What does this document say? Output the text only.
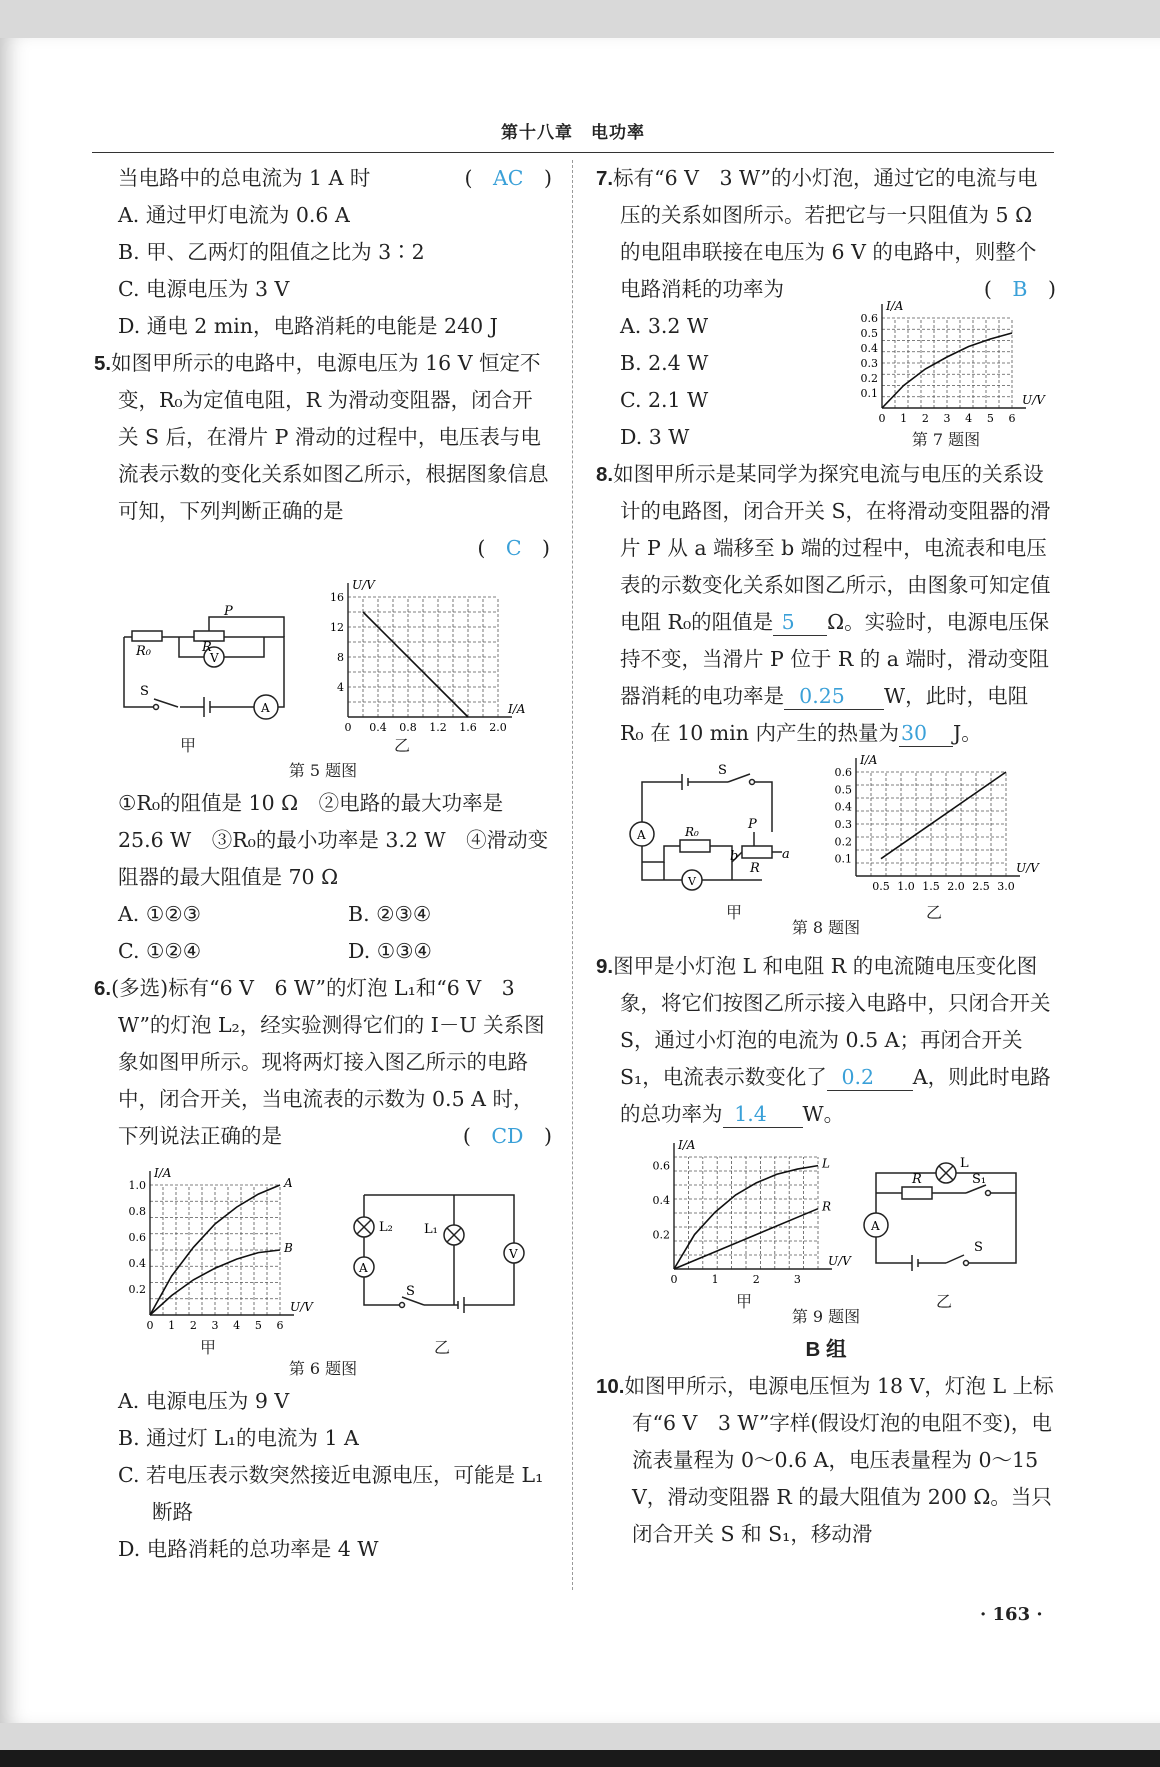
第十八章　电功率
当电路中的总电流为 1 A 时	(　AC　)
A. 通过甲灯电流为 0.6 A
B. 甲、乙两灯的阻值之比为 3∶2
C. 电源电压为 3 V
D. 通电 2 min，电路消耗的电能是 240 J
5.如图甲所示的电路中，电源电压为 16 V 恒定不变，R₀为定值电阻，R 为滑动变阻器，闭合开关 S 后，在滑片 P 滑动的过程中，电压表与电流表示数的变化关系如图乙所示，根据图象信息可知，下列判断正确的是
(　C　)
R₀	R
P
S
V
A
甲
I/A
U/V
0 0.4 0.8 1.2 1.6 2.0
4
8
12
16
乙
第 5 题图
①R₀的阻值是 10 Ω　②电路的最大功率是 25.6 W　③R₀的最小功率是 3.2 W　④滑动变阻器的最大阻值是 70 Ω
A. ①②③	B. ②③④
C. ①②④	D. ①③④
6.(多选)标有“6 V　6 W”的灯泡 L₁和“6 V　3 W”的灯泡 L₂，经实验测得它们的 I－U 关系图象如图甲所示。现将两灯接入图乙所示的电路中，闭合开关，当电流表的示数为 0.5 A 时，下列说法正确的是	(　CD　)
U/V
I/A
0 1 2 3 4 5 6
0.2
0.4
0.6
0.8
1.0	A
B
甲
L₂ L₁
A
V
S
乙
第 6 题图
A. 电源电压为 9 V
B. 通过灯 L₁的电流为 1 A
C. 若电压表示数突然接近电源电压，可能是 L₁断路
D. 电路消耗的总功率是 4 W
7.标有“6 V　3 W”的小灯泡，通过它的电流与电压的关系如图所示。若把它与一只阻值为 5 Ω 的电阻串联接在电压为 6 V 的电路中，则整个电路消耗的功率为	(　B　)
A. 3.2 W
B. 2.4 W
C. 2.1 W
D. 3 W
U/V
I/A
0 1 2 3 4 5 6
0.1
0.2
0.3
0.4
0.5
0.6
第 7 题图
8.如图甲所示是某同学为探究电流与电压的关系设计的电路图，闭合开关 S，在将滑动变阻器的滑片 P 从 a 端移至 b 端的过程中，电流表和电压表的示数变化关系如图乙所示，由图象可知定值电阻 R₀的阻值是 5 Ω。实验时，电源电压保持不变，当滑片 P 位于 R 的 a 端时，滑动变阻器消耗的电功率是 0.25 W，此时，电阻 R₀ 在 10 min 内产生的热量为30 J。
R₀	P
R
b	a
S
A
V
甲
U/V
I/A
0.5 1.0 1.5 2.0 2.5 3.0
0.1
0.2
0.3
0.4
0.5
0.6
乙
第 8 题图
9.图甲是小灯泡 L 和电阻 R 的电流随电压变化图象，将它们按图乙所示接入电路中，只闭合开关 S，通过小灯泡的电流为 0.5 A；再闭合开关 S₁，电流表示数变化了 0.2 A，则此时电路的总功率为 1.4 W。
U/V
I/A
0	1	2	3
0.2
0.4
0.6	L
R
甲
L
R	S₁
S
A
乙
第 9 题图
B 组
10.如图甲所示，电源电压恒为 18 V，灯泡 L 上标有“6 V　3 W”字样(假设灯泡的电阻不变)，电流表量程为 0～0.6 A，电压表量程为 0～15 V，滑动变阻器 R 的最大阻值为 200 Ω。当只闭合开关 S 和 S₁，移动滑
· 163 ·
